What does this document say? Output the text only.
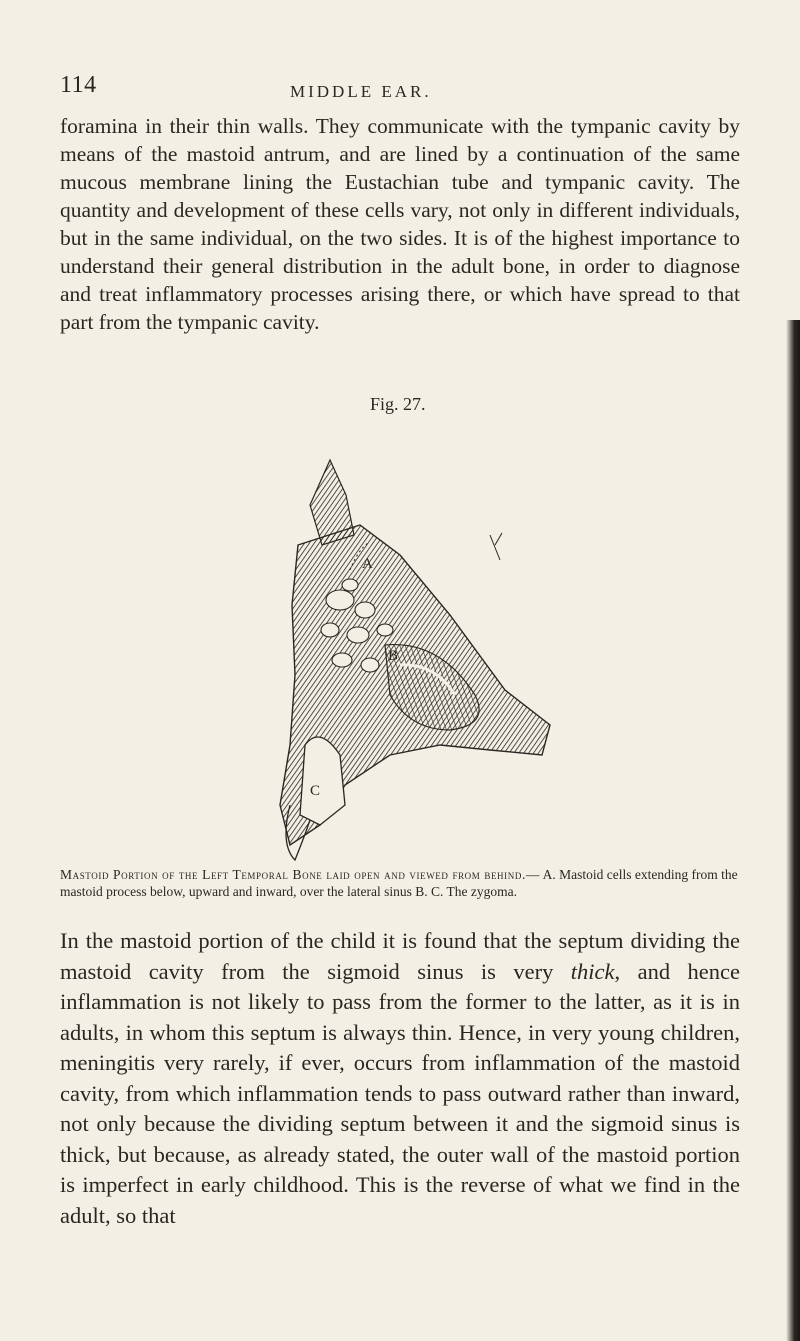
114	MIDDLE EAR.

foramina in their thin walls. They communicate with the tympanic cavity by means of the mastoid antrum, and are lined by a continuation of the same mucous membrane lining the Eustachian tube and tympanic cavity. The quantity and development of these cells vary, not only in different individuals, but in the same individual, on the two sides. It is of the highest importance to understand their general distribution in the adult bone, in order to diagnose and treat inflammatory processes arising there, or which have spread to that part from the tympanic cavity.

Fig. 27.
A
B
C

Mastoid Portion of the Left Temporal Bone laid open and viewed from behind.— A. Mastoid cells extending from the mastoid process below, upward and inward, over the lateral sinus B. C. The zygoma.

In the mastoid portion of the child it is found that the septum dividing the mastoid cavity from the sigmoid sinus is very thick, and hence inflammation is not likely to pass from the former to the latter, as it is in adults, in whom this septum is always thin. Hence, in very young children, meningitis very rarely, if ever, occurs from inflammation of the mastoid cavity, from which inflammation tends to pass outward rather than inward, not only because the dividing septum between it and the sigmoid sinus is thick, but because, as already stated, the outer wall of the mastoid portion is imperfect in early childhood. This is the reverse of what we find in the adult, so that
